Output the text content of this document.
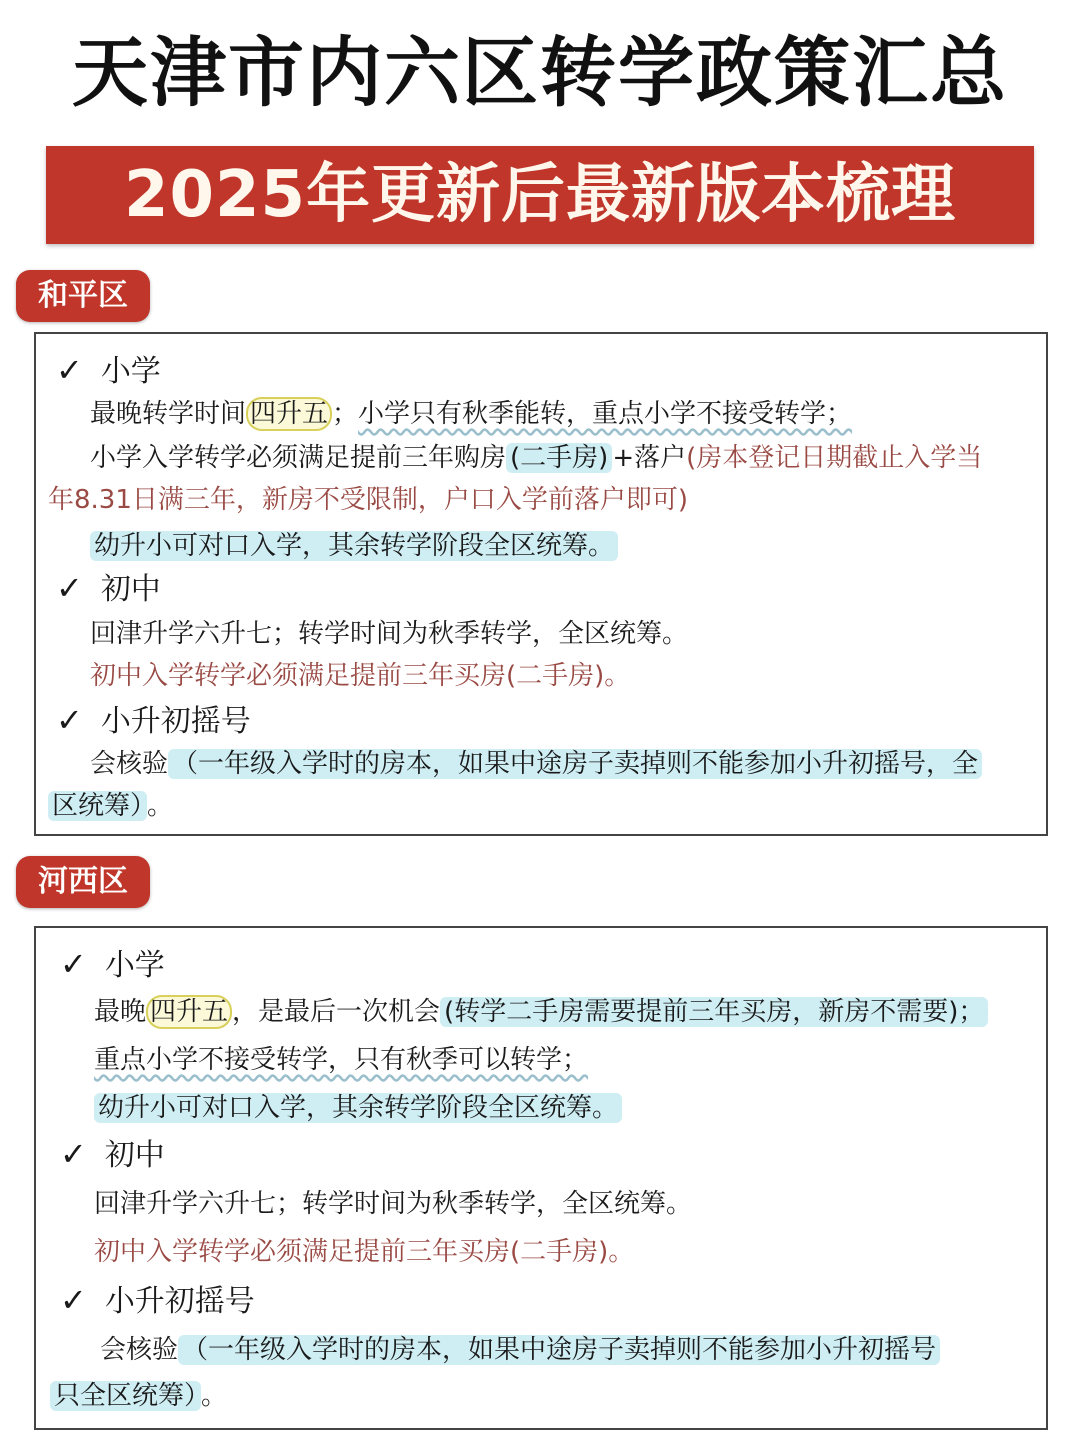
天津市内六区转学政策汇总
2025年更新后最新版本梳理
和平区
✓ 小学
最晚转学时间 四升五 ；小学只有秋季能转，重点小学不接受转学；
小学入学转学必须满足提前三年购房 (二手房) +落户(房本登记日期截止入学当
年8.31日满三年，新房不受限制，户口入学前落户即可)
幼升小可对口入学，其余转学阶段全区统筹。
✓ 初中
回津升学六升七；转学时间为秋季转学，全区统筹。
初中入学转学必须满足提前三年买房(二手房)。
✓ 小升初摇号
会核验 （一年级入学时的房本，如果中途房子卖掉则不能参加小升初摇号，全
区统筹） 。
河西区
✓ 小学
最晚 四升五 ，是最后一次机会 (转学二手房需要提前三年买房，新房不需要)；
重点小学不接受转学，只有秋季可以转学；
幼升小可对口入学，其余转学阶段全区统筹。
✓ 初中
回津升学六升七；转学时间为秋季转学，全区统筹。
初中入学转学必须满足提前三年买房(二手房)。
✓ 小升初摇号
会核验 （一年级入学时的房本，如果中途房子卖掉则不能参加小升初摇号
只全区统筹） 。
